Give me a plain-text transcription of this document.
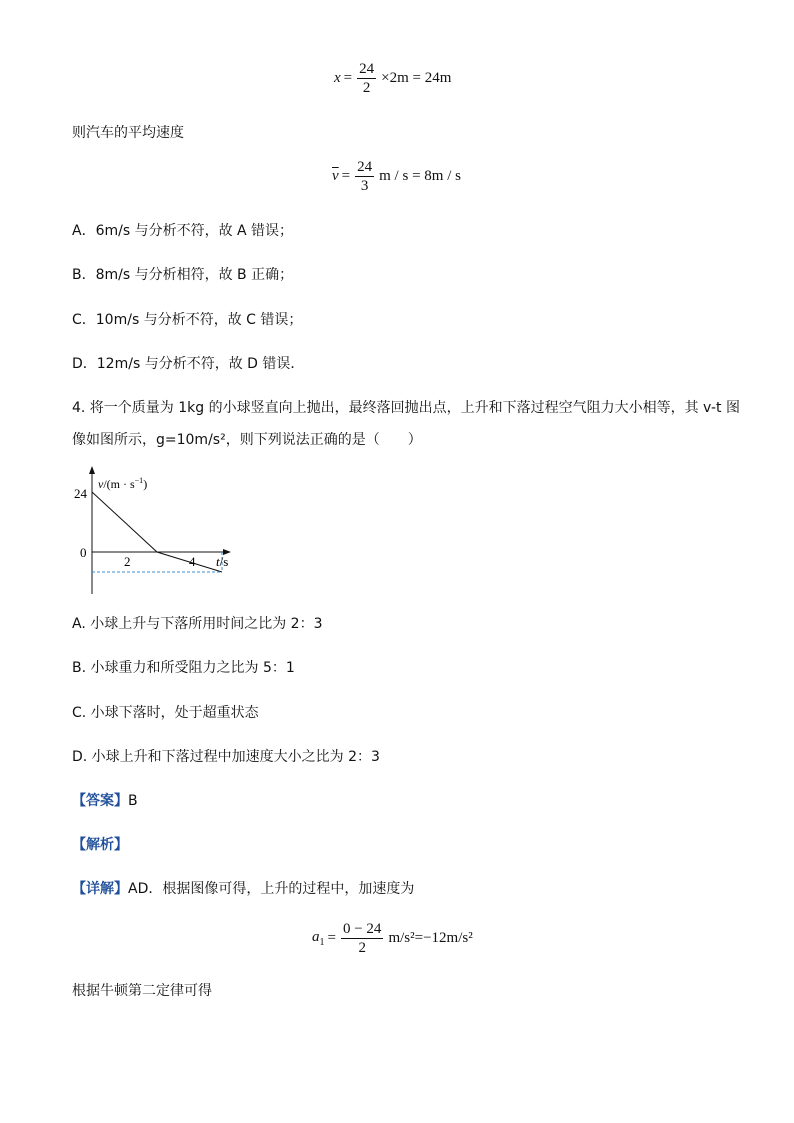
$x = \frac{24}{2} \times 2m = 24m$
则汽车的平均速度
$\overline{v} = \frac{24}{3}$ m / s = 8m / s
A．6m/s 与分析不符，故 A 错误；
B．8m/s 与分析相符，故 B 正确；
C．10m/s 与分析不符，故 C 错误；
D．12m/s 与分析不符，故 D 错误．
4. 将一个质量为 1kg 的小球竖直向上抛出，最终落回抛出点，上升和下落过程空气阻力大小相等，其 v-t 图
像如图所示，g=10m/s²，则下列说法正确的是（　　）
24
0
2	4 t/s
$v/(m \cdot s^{-1})$
A. 小球上升与下落所用时间之比为 2：3
B. 小球重力和所受阻力之比为 5：1
C. 小球下落时，处于超重状态
D. 小球上升和下落过程中加速度大小之比为 2：3
【答案】B
【解析】
【详解】AD．根据图像可得，上升的过程中，加速度为
$a_1 = \frac{0 - 24}{2} m/s^2=-12m/s^2$
根据牛顿第二定律可得
